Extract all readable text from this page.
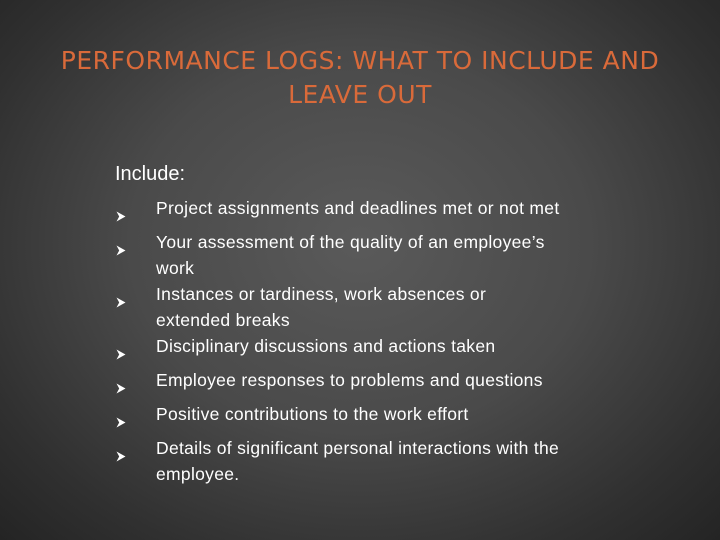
PERFORMANCE LOGS: WHAT TO INCLUDE AND
LEAVE OUT
Include:
Project assignments and deadlines met or not met
Your assessment of the quality of an employee’s
work
Instances or tardiness, work absences or
extended breaks
Disciplinary discussions and actions taken
Employee responses to problems and questions
Positive contributions to the work effort
Details of significant personal interactions with the
employee.
